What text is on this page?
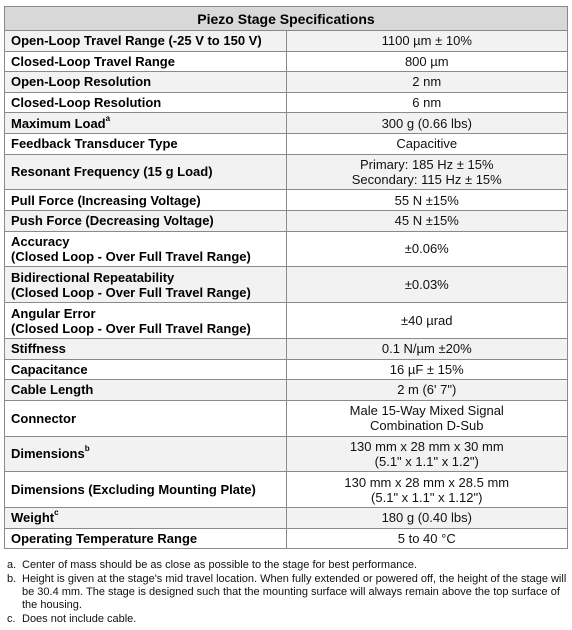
Piezo Stage Specifications	

Open-Loop Travel Range (-25 V to 150 V)	1100 µm ± 10%

Closed-Loop Travel Range	800 µm

Open-Loop Resolution	2 nm

Closed-Loop Resolution	6 nm

Maximum Load$^a$	300 g (0.66 lbs)

Feedback Transducer Type	Capacitive

Resonant Frequency (15 g Load)	Primary: 185 Hz ± 15%
Secondary: 115 Hz ± 15%

Pull Force (Increasing Voltage)	55 N ±15%

Push Force (Decreasing Voltage)	45 N ±15%

Accuracy
(Closed Loop - Over Full Travel Range)	±0.06%

Bidirectional Repeatability
(Closed Loop - Over Full Travel Range)	±0.03%

Angular Error
(Closed Loop - Over Full Travel Range)	±40 µrad

Stiffness	0.1 N/µm ±20%

Capacitance	16 µF ± 15%

Cable Length	2 m (6' 7")

Connector	Male 15-Way Mixed Signal
Combination D-Sub

Dimensions$^b$	130 mm x 28 mm x 30 mm
(5.1" x 1.1" x 1.2")

Dimensions (Excluding Mounting Plate)	130 mm x 28 mm x 28.5 mm
(5.1" x 1.1" x 1.12")

Weight$^c$	180 g (0.40 lbs)

Operating Temperature Range	5 to 40 °C
a. Center of mass should be as close as possible to the stage for best performance.
b. Height is given at the stage's mid travel location. When fully extended or powered off, the height of the stage will be 30.4 mm. The stage is designed such that the mounting surface will always remain above the top surface of the housing.
c. Does not include cable.
